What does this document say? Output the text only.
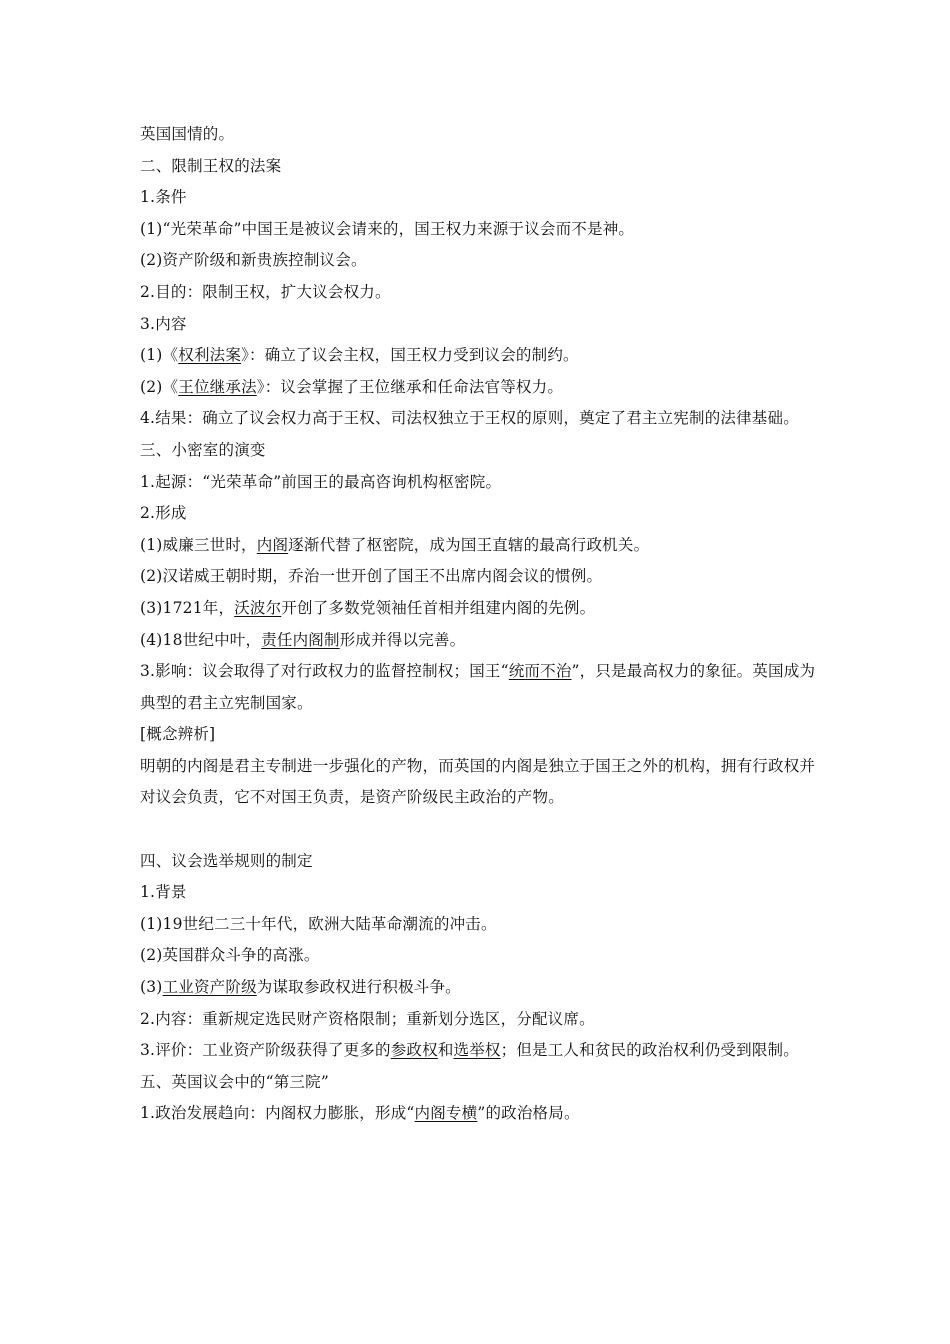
英国国情的。
二、限制王权的法案
1.条件
(1)“光荣革命”中国王是被议会请来的，国王权力来源于议会而不是神。
(2)资产阶级和新贵族控制议会。
2.目的：限制王权，扩大议会权力。
3.内容
(1)《权利法案》：确立了议会主权，国王权力受到议会的制约。
(2)《王位继承法》：议会掌握了王位继承和任命法官等权力。
4.结果：确立了议会权力高于王权、司法权独立于王权的原则，奠定了君主立宪制的法律基础。
三、小密室的演变
1.起源：“光荣革命”前国王的最高咨询机构枢密院。
2.形成
(1)威廉三世时，内阁逐渐代替了枢密院，成为国王直辖的最高行政机关。
(2)汉诺威王朝时期，乔治一世开创了国王不出席内阁会议的惯例。
(3)1721年，沃波尔开创了多数党领袖任首相并组建内阁的先例。
(4)18世纪中叶，责任内阁制形成并得以完善。
3.影响：议会取得了对行政权力的监督控制权；国王“统而不治”，只是最高权力的象征。英国成为典型的君主立宪制国家。
[概念辨析]
明朝的内阁是君主专制进一步强化的产物，而英国的内阁是独立于国王之外的机构，拥有行政权并对议会负责，它不对国王负责，是资产阶级民主政治的产物。
四、议会选举规则的制定
1.背景
(1)19世纪二三十年代，欧洲大陆革命潮流的冲击。
(2)英国群众斗争的高涨。
(3)工业资产阶级为谋取参政权进行积极斗争。
2.内容：重新规定选民财产资格限制；重新划分选区，分配议席。
3.评价：工业资产阶级获得了更多的参政权和选举权；但是工人和贫民的政治权利仍受到限制。
五、英国议会中的“第三院”
1.政治发展趋向：内阁权力膨胀，形成“内阁专横”的政治格局。
